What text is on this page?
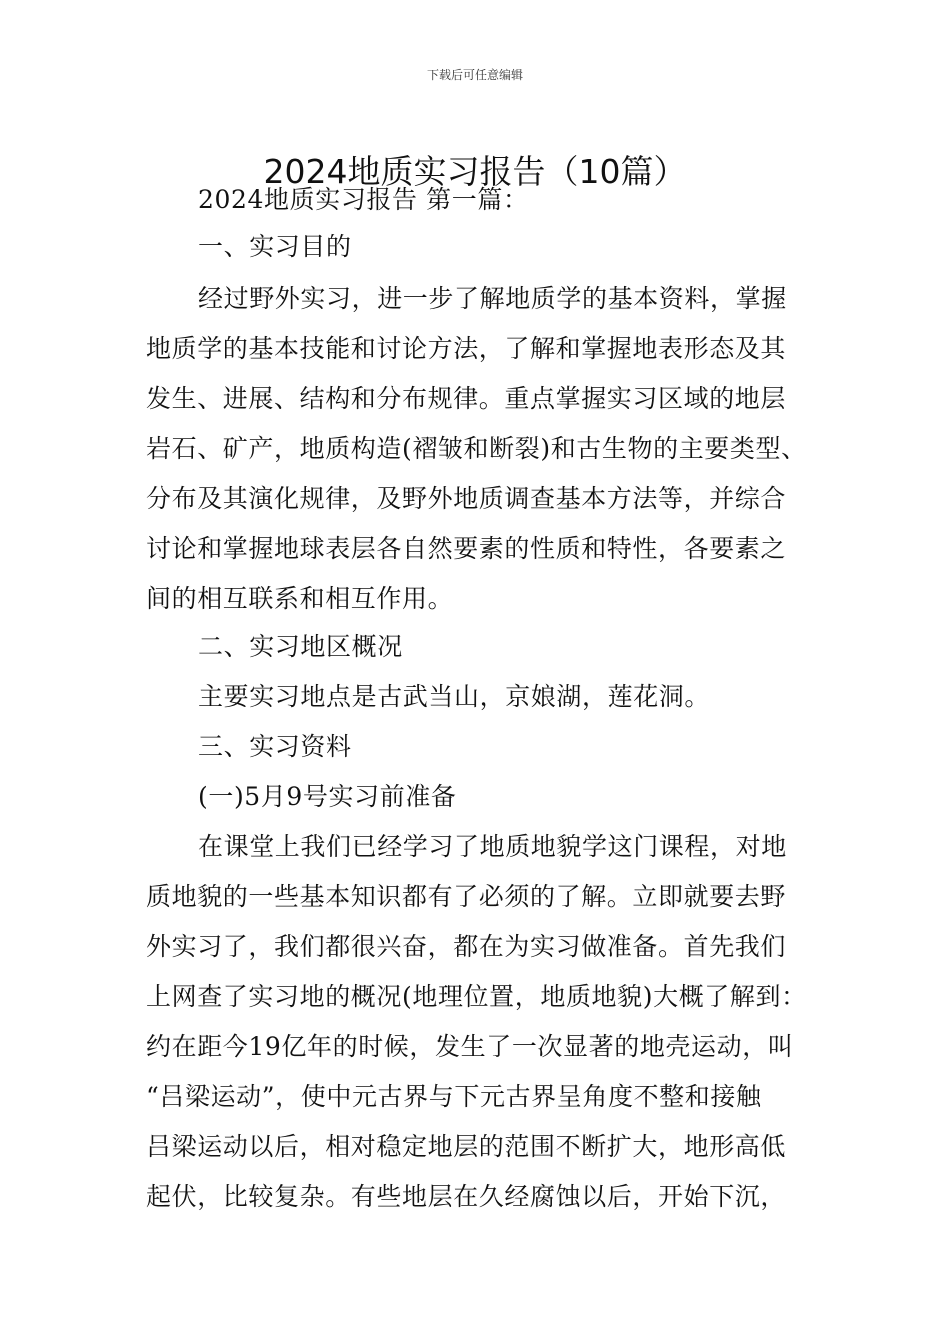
下载后可任意编辑
2024地质实习报告（10篇）

2024地质实习报告 第一篇：

一、实习目的

经过野外实习，进一步了解地质学的基本资料，掌握

地质学的基本技能和讨论方法，了解和掌握地表形态及其

发生、进展、结构和分布规律。重点掌握实习区域的地层

岩石、矿产，地质构造(褶皱和断裂)和古生物的主要类型、

分布及其演化规律，及野外地质调查基本方法等，并综合

讨论和掌握地球表层各自然要素的性质和特性，各要素之

间的相互联系和相互作用。

二、实习地区概况

主要实习地点是古武当山，京娘湖，莲花洞。

三、实习资料

(一)5月9号实习前准备

在课堂上我们已经学习了地质地貌学这门课程，对地

质地貌的一些基本知识都有了必须的了解。立即就要去野

外实习了，我们都很兴奋，都在为实习做准备。首先我们

上网查了实习地的概况(地理位置，地质地貌)大概了解到：

约在距今19亿年的时候，发生了一次显著的地壳运动，叫

“吕梁运动”，使中元古界与下元古界呈角度不整和接触

吕梁运动以后，相对稳定地层的范围不断扩大，地形高低

起伏，比较复杂。有些地层在久经腐蚀以后，开始下沉，
